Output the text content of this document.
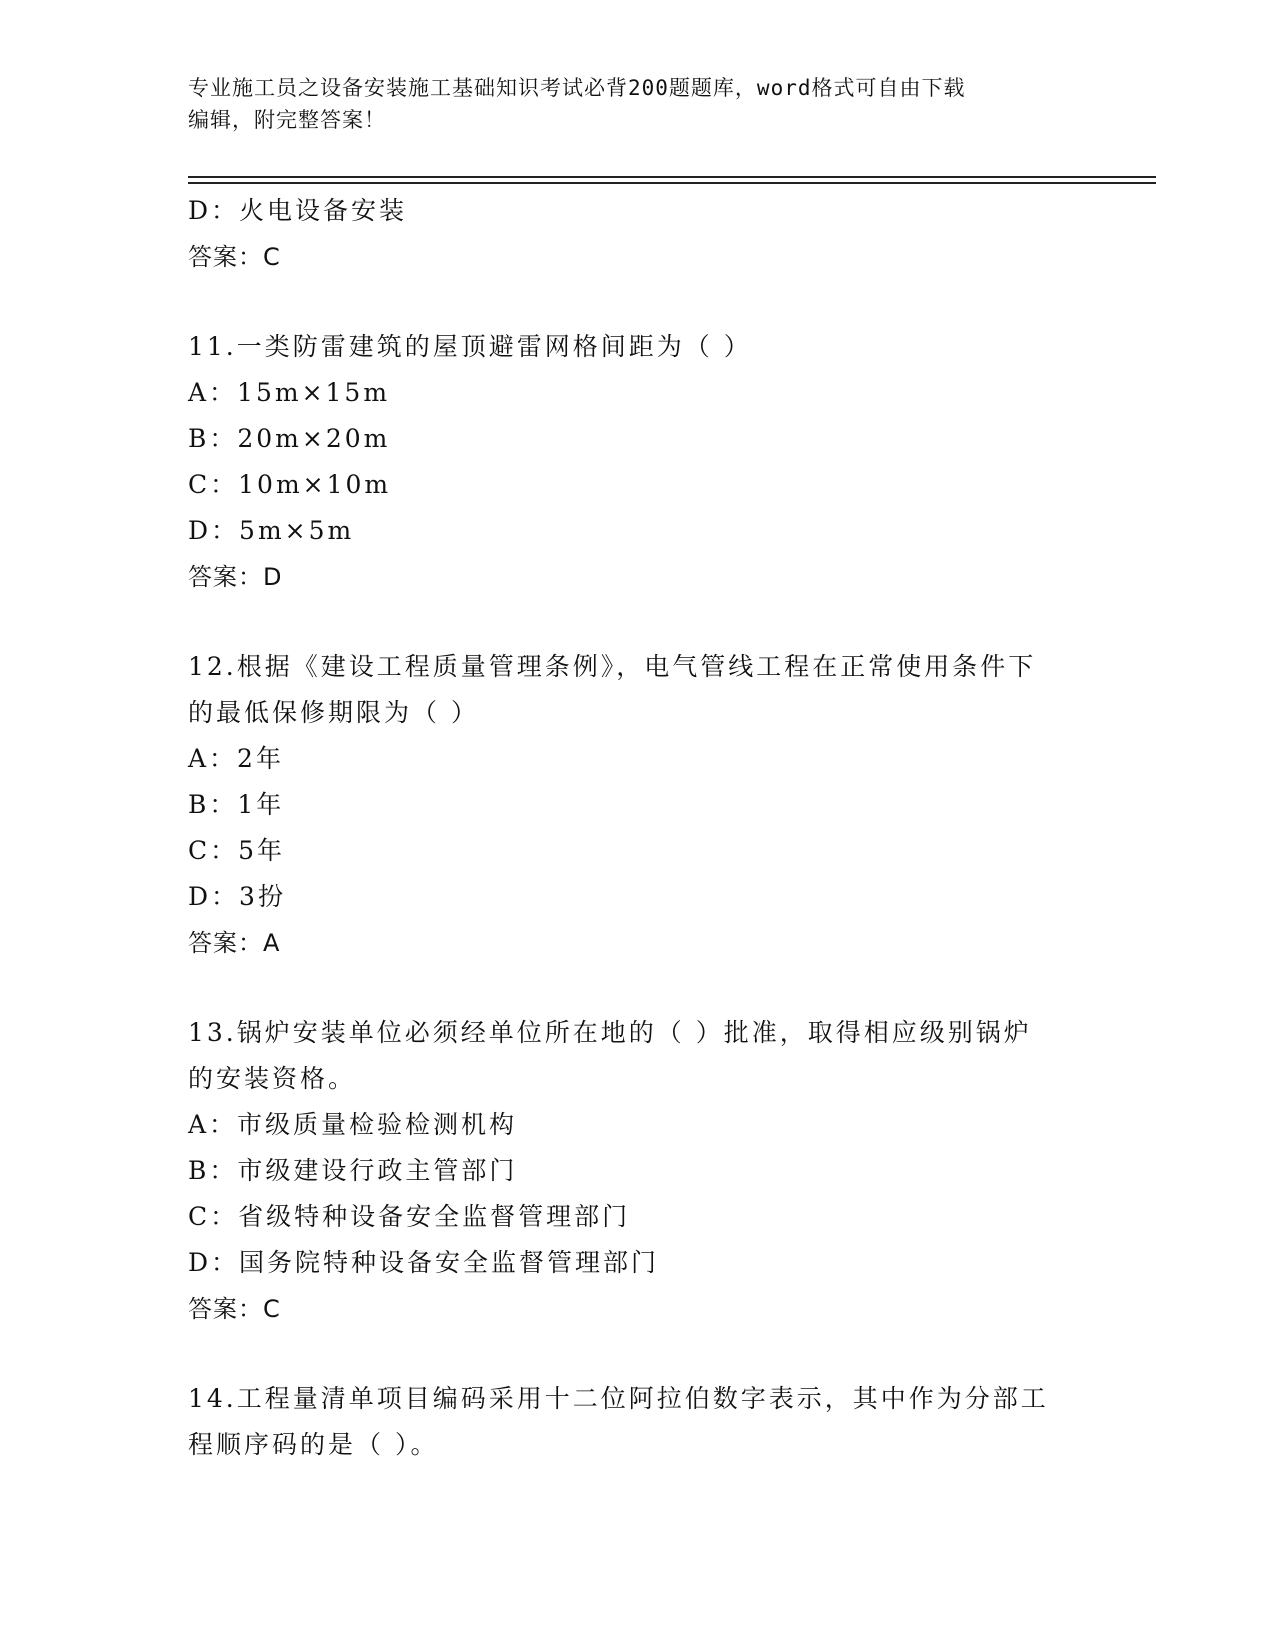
专业施工员之设备安装施工基础知识考试必背200题题库，word格式可自由下载
编辑，附完整答案！
D：火电设备安装
答案：C
11.一类防雷建筑的屋顶避雷网格间距为（ ）
A：15m×15m
B：20m×20m
C：10m×10m
D：5m×5m
答案：D
12.根据《建设工程质量管理条例》，电气管线工程在正常使用条件下
的最低保修期限为（ ）
A：2年
B：1年
C：5年
D：3扮
答案：A
13.锅炉安装单位必须经单位所在地的（ ）批准，取得相应级别锅炉
的安装资格。
A：市级质量检验检测机构
B：市级建设行政主管部门
C：省级特种设备安全监督管理部门
D：国务院特种设备安全监督管理部门
答案：C
14.工程量清单项目编码采用十二位阿拉伯数字表示，其中作为分部工
程顺序码的是（ ）。
